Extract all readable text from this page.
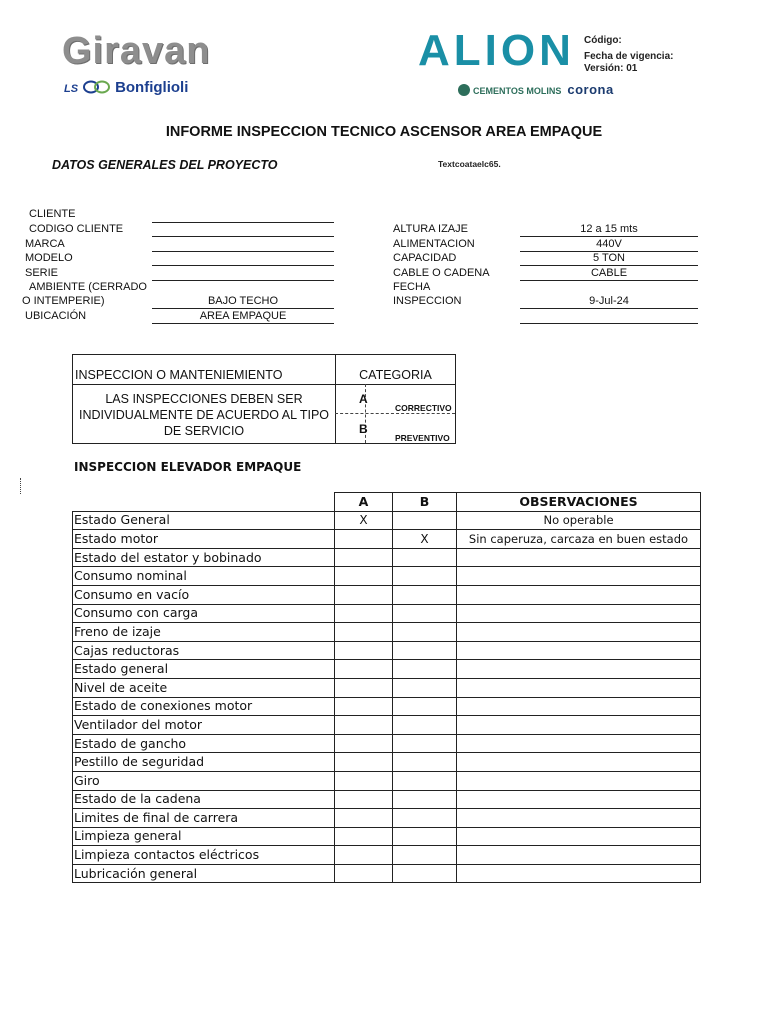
Giravan
LS Bonfiglioli
ALION
CEMENTOS MOLINS corona
Código:
Fecha de vigencia:
Versión: 01
INFORME INSPECCION TECNICO ASCENSOR AREA EMPAQUE
DATOS GENERALES DEL PROYECTO	Textcoataelc65.
CLIENTE
CODIGO CLIENTE
MARCA
MODELO
SERIE
AMBIENTE (CERRADO
O INTEMPERIE)	BAJO TECHO
UBICACIÓN	AREA EMPAQUE
ALTURA IZAJE	12 a 15 mts
ALIMENTACION	440V
CAPACIDAD	5 TON
CABLE O CADENA	CABLE
FECHA
INSPECCION	9-Jul-24
INSPECCION O MANTENIEMIENTO	CATEGORIA
LAS INSPECCIONES DEBEN SER
INDIVIDUALMENTE DE ACUERDO AL TIPO
DE SERVICIO
A
CORRECTIVO
B
PREVENTIVO
INSPECCION ELEVADOR EMPAQUE
	A	B	OBSERVACIONES
Estado General	X		No operable
Estado motor		X	Sin caperuza, carcaza en buen estado
Estado del estator y bobinado			
Consumo nominal			
Consumo en vacío			
Consumo con carga			
Freno de izaje			
Cajas reductoras			
Estado general			
Nivel de aceite			
Estado de conexiones motor			
Ventilador del motor			
Estado de gancho			
Pestillo de seguridad			
Giro			
Estado de la cadena			
Limites de final de carrera			
Limpieza general			
Limpieza contactos eléctricos			
Lubricación general			
